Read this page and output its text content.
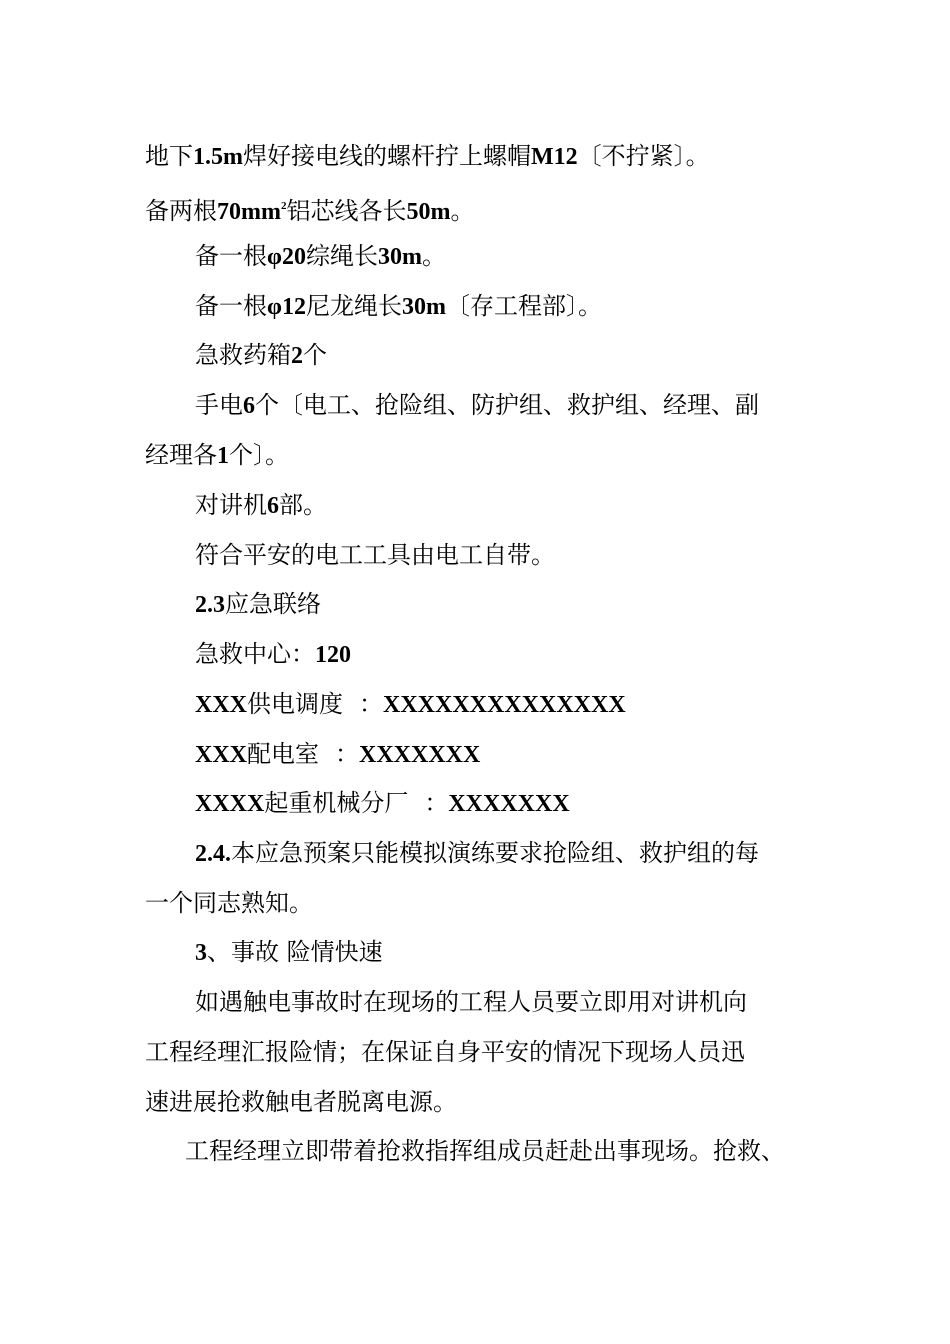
地下1.5m焊好接电线的螺杆拧上螺帽M12〔不拧紧〕。
备两根$70mm^2$铝芯线各长50m。
备一根φ20综绳长30m。
备一根φ12尼龙绳长30m〔存工程部〕。
急救药箱2个
手电6个〔电工、抢险组、防护组、救护组、经理、副
经理各1个〕。
对讲机6部。
符合平安的电工工具由电工自带。
2.3应急联络
急救中心：120
XXX供电调度 ：XXXXXXXXXXXXXX
XXX配电室 ：XXXXXXX
XXXX起重机械分厂 ：XXXXXXX
2.4.本应急预案只能模拟演练要求抢险组、救护组的每
一个同志熟知。
3、事故 险情快速
如遇触电事故时在现场的工程人员要立即用对讲机向
工程经理汇报险情；在保证自身平安的情况下现场人员迅
速进展抢救触电者脱离电源。
工程经理立即带着抢救指挥组成员赶赴出事现场。抢救、
